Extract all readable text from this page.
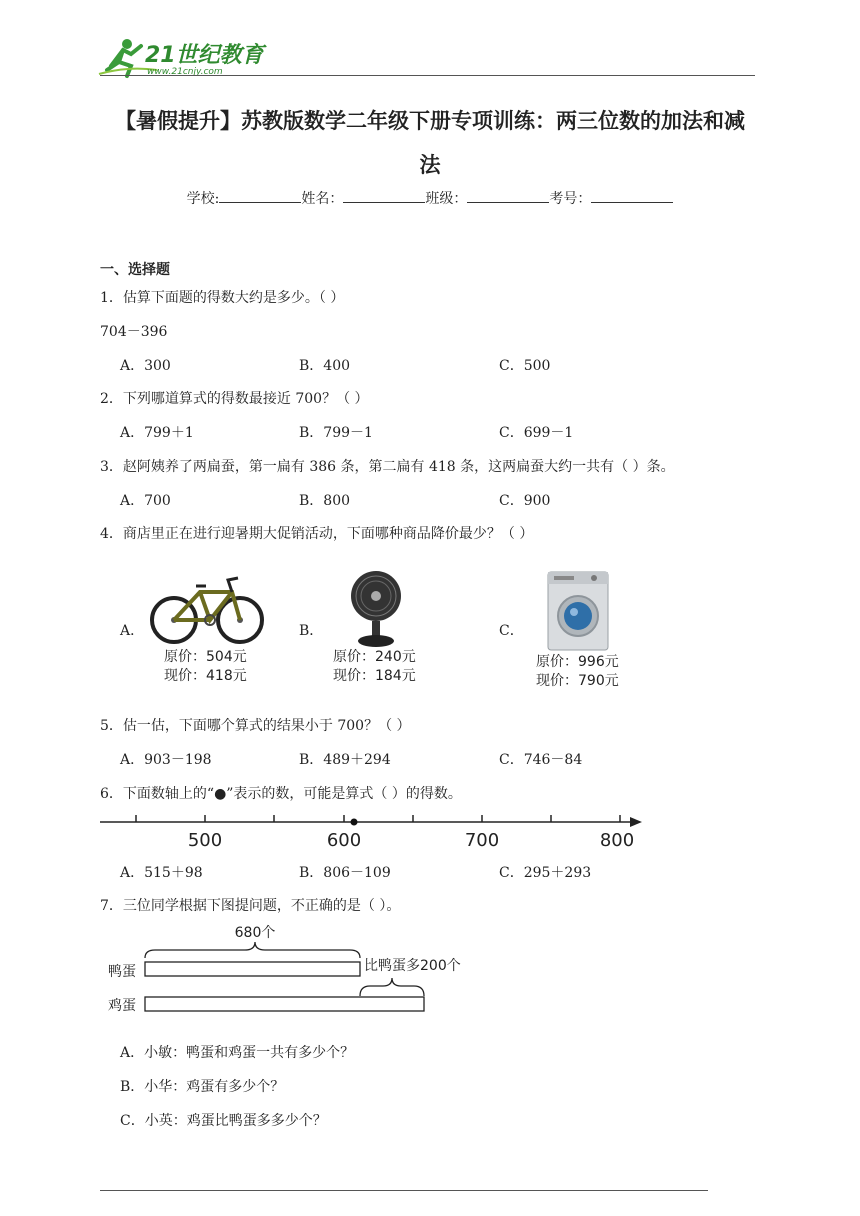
21世纪教育
www.21cnjy.com
【暑假提升】苏教版数学二年级下册专项训练：两三位数的加法和减
法
学校:	姓名：	班级：	考号：
一、选择题
1．估算下面题的得数大约是多少。（ ）
704－396
A．300	B．400	C．500
2．下列哪道算式的得数最接近 700？（ ）
A．799＋1	B．799－1	C．699－1
3．赵阿姨养了两扁蚕，第一扁有 386 条，第二扁有 418 条，这两扁蚕大约一共有（ ）条。
A．700	B．800	C．900
4．商店里正在进行迎暑期大促销活动，下面哪种商品降价最少？（ ）
A．	B．	C．
原价：504元
现价：418元
原价：240元
现价：184元
原价：996元
现价：790元
5．估一估，下面哪个算式的结果小于 700？（ ）
A．903－198	B．489＋294	C．746－84
6．下面数轴上的“●”表示的数，可能是算式（ ）的得数。
500	600	700	800
A．515＋98	B．806－109	C．295＋293
7．三位同学根据下图提问题，不正确的是（ ）。
680个
鸭蛋	比鸭蛋多200个
鸡蛋
A．小敏：鸭蛋和鸡蛋一共有多少个？
B．小华：鸡蛋有多少个？
C．小英：鸡蛋比鸭蛋多多少个？
